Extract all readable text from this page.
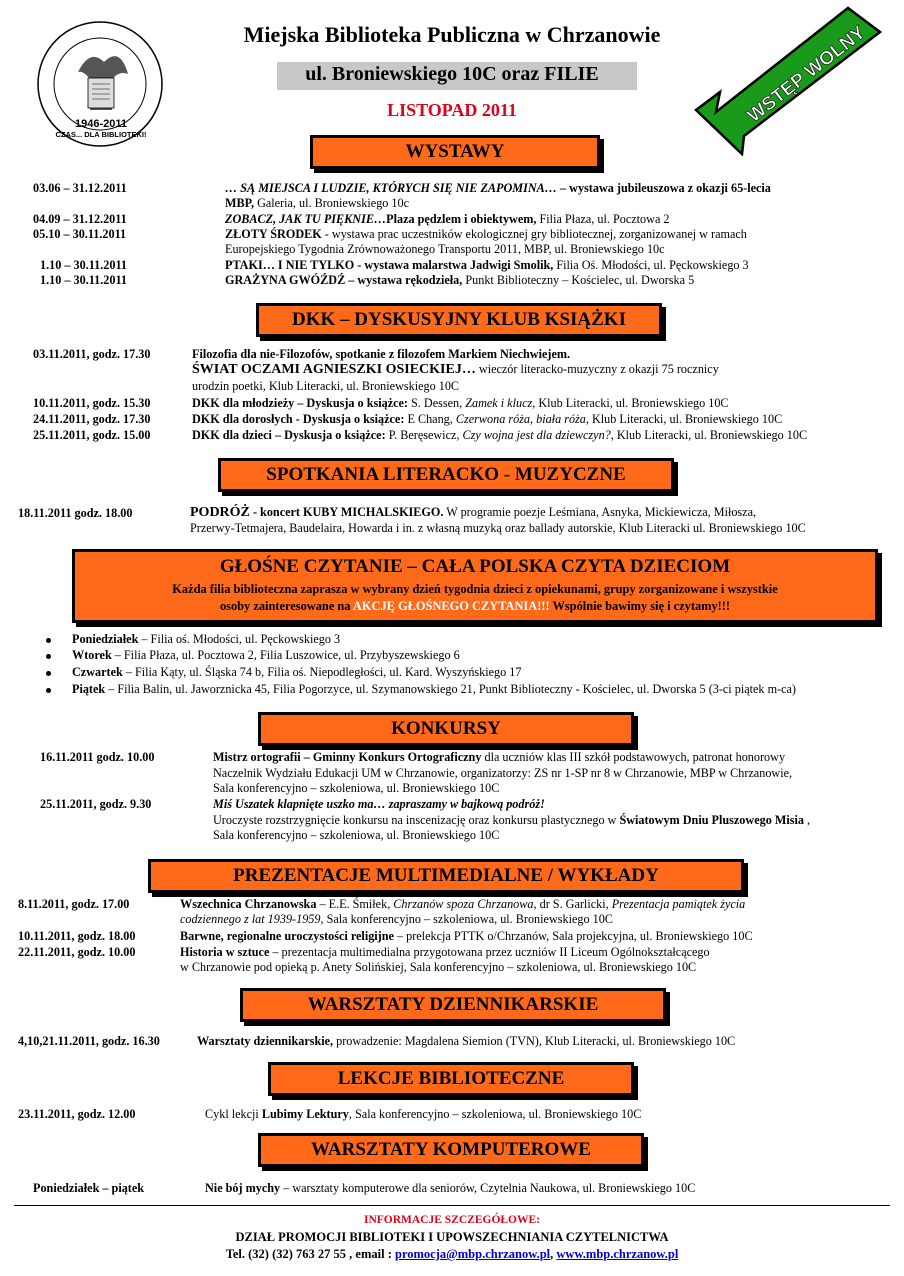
1946-2011
CZAS... DLA BIBLIOTEKI!
Miejska Biblioteka Publiczna w Chrzanowie
ul. Broniewskiego 10C oraz FILIE
LISTOPAD 2011	WSTĘP WOLNY
WYSTAWY
03.06 – 31.12.2011	… SĄ MIEJSCA I LUDZIE, KTÓRYCH SIĘ NIE ZAPOMINA… – wystawa jubileuszowa z okazji 65-lecia
MBP, Galeria, ul. Broniewskiego 10c
04.09 – 31.12.2011	ZOBACZ, JAK TU PIĘKNIE…Plaza pędzlem i obiektywem, Filia Płaza, ul. Pocztowa 2
05.10 – 30.11.2011	ZŁOTY ŚRODEK - wystawa prac uczestników ekologicznej gry bibliotecznej, zorganizowanej w ramach
Europejskiego Tygodnia Zrównoważonego Transportu 2011, MBP, ul. Broniewskiego 10c
1.10 – 30.11.2011	PTAKI… I NIE TYLKO - wystawa malarstwa Jadwigi Smolik, Filia Oś. Młodości, ul. Pęckowskiego 3
1.10 – 30.11.2011	GRAŻYNA GWÓŹDŹ – wystawa rękodzieła, Punkt Biblioteczny – Kościelec, ul. Dworska 5
DKK – DYSKUSYJNY KLUB KSIĄŻKI
03.11.2011, godz. 17.30	Filozofia dla nie-Filozofów, spotkanie z filozofem Markiem Niechwiejem.
ŚWIAT OCZAMI AGNIESZKI OSIECKIEJ… wieczór literacko-muzyczny z okazji 75 rocznicy
urodzin poetki, Klub Literacki, ul. Broniewskiego 10C
10.11.2011, godz. 15.30	DKK dla młodzieży – Dyskusja o książce: S. Dessen, Zamek i klucz, Klub Literacki, ul. Broniewskiego 10C
24.11.2011, godz. 17.30	DKK dla dorosłych - Dyskusja o książce: E Chang, Czerwona róża, biała róża, Klub Literacki, ul. Broniewskiego 10C
25.11.2011, godz. 15.00	DKK dla dzieci – Dyskusja o książce: P. Beręsewicz, Czy wojna jest dla dziewczyn?, Klub Literacki, ul. Broniewskiego 10C
SPOTKANIA LITERACKO - MUZYCZNE
18.11.2011 godz. 18.00	PODRÓŻ - koncert KUBY MICHALSKIEGO. W programie poezje Leśmiana, Asnyka, Mickiewicza, Miłosza,
Przerwy-Tetmajera, Baudelaira, Howarda i in. z własną muzyką oraz ballady autorskie, Klub Literacki ul. Broniewskiego 10C
GŁOŚNE CZYTANIE – CAŁA POLSKA CZYTA DZIECIOM
Każda filia biblioteczna zaprasza w wybrany dzień tygodnia dzieci z opiekunami, grupy zorganizowane i wszystkie
osoby zainteresowane na AKCJĘ GŁOŚNEGO CZYTANIA!!! Wspólnie bawimy się i czytamy!!!
Poniedziałek – Filia oś. Młodości, ul. Pęckowskiego 3
Wtorek – Filia Płaza, ul. Pocztowa 2, Filia Luszowice, ul. Przybyszewskiego 6
Czwartek – Filia Kąty, ul. Śląska 74 b, Filia oś. Niepodległości, ul. Kard. Wyszyńskiego 17
Piątek – Filia Balin, ul. Jaworznicka 45, Filia Pogorzyce, ul. Szymanowskiego 21, Punkt Biblioteczny - Kościelec, ul. Dworska 5 (3-ci piątek m-ca)
KONKURSY
16.11.2011 godz. 10.00	Mistrz ortografii – Gminny Konkurs Ortograficzny dla uczniów klas III szkół podstawowych, patronat honorowy
Naczelnik Wydziału Edukacji UM w Chrzanowie, organizatorzy: ZS nr 1-SP nr 8 w Chrzanowie, MBP w Chrzanowie,
Sala konferencyjno – szkoleniowa, ul. Broniewskiego 10C
25.11.2011, godz. 9.30	Miś Uszatek klapnięte uszko ma… zapraszamy w bajkową podróż!
Uroczyste rozstrzygnięcie konkursu na inscenizację oraz konkursu plastycznego w Światowym Dniu Pluszowego Misia ,
Sala konferencyjno – szkoleniowa, ul. Broniewskiego 10C
PREZENTACJE MULTIMEDIALNE / WYKŁADY
8.11.2011, godz. 17.00	Wszechnica Chrzanowska – E.E. Śmiłek, Chrzanów spoza Chrzanowa, dr S. Garlicki, Prezentacja pamiątek życia
codziennego z lat 1939-1959, Sala konferencyjno – szkoleniowa, ul. Broniewskiego 10C
10.11.2011, godz. 18.00	Barwne, regionalne uroczystości religijne – prelekcja PTTK o/Chrzanów, Sala projekcyjna, ul. Broniewskiego 10C
22.11.2011, godz. 10.00	Historia w sztuce – prezentacja multimedialna przygotowana przez uczniów II Liceum Ogólnokształcącego
w Chrzanowie pod opieką p. Anety Solińskiej, Sala konferencyjno – szkoleniowa, ul. Broniewskiego 10C
WARSZTATY DZIENNIKARSKIE
4,10,21.11.2011, godz. 16.30	Warsztaty dziennikarskie, prowadzenie: Magdalena Siemion (TVN), Klub Literacki, ul. Broniewskiego 10C
LEKCJE BIBLIOTECZNE
23.11.2011, godz. 12.00	Cykl lekcji Lubimy Lektury, Sala konferencyjno – szkoleniowa, ul. Broniewskiego 10C
WARSZTATY KOMPUTEROWE
Poniedziałek – piątek	Nie bój mychy – warsztaty komputerowe dla seniorów, Czytelnia Naukowa, ul. Broniewskiego 10C
INFORMACJE SZCZEGÓŁOWE:
DZIAŁ PROMOCJI BIBLIOTEKI I UPOWSZECHNIANIA CZYTELNICTWA
Tel. (32) (32) 763 27 55 , email : promocja@mbp.chrzanow.pl, www.mbp.chrzanow.pl
